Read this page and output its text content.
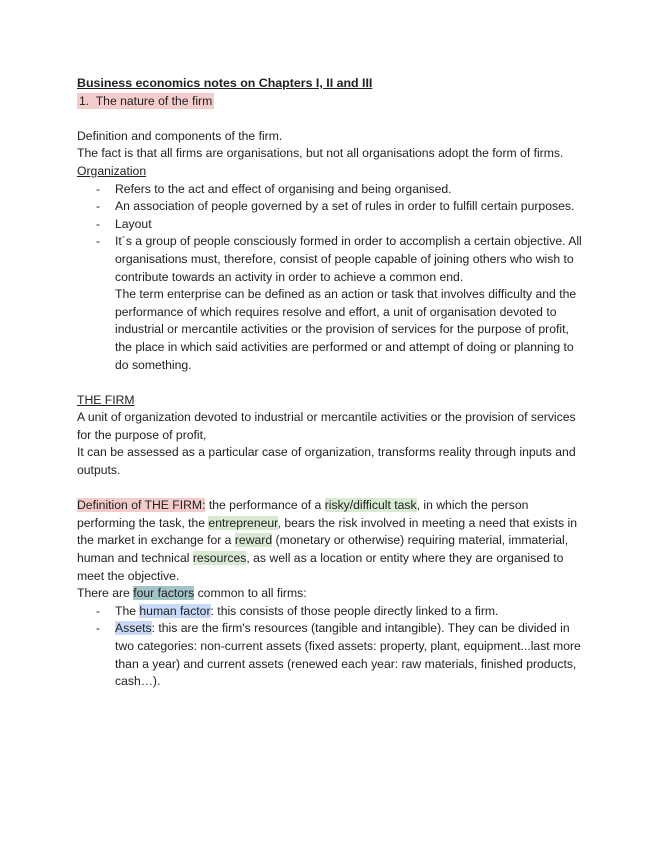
Business economics notes on Chapters I, II and III

1. The nature of the firm

Definition and components of the firm.

The fact is that all firms are organisations, but not all organisations adopt the form of firms.

Organization

- Refers to the act and effect of organising and being organised.
- An association of people governed by a set of rules in order to fulfill certain purposes.
- Layout
- It´s a group of people consciously formed in order to accomplish a certain objective. All organisations must, therefore, consist of people capable of joining others who wish to contribute towards an activity in order to achieve a common end.

The term enterprise can be defined as an action or task that involves difficulty and the performance of which requires resolve and effort, a unit of organisation devoted to industrial or mercantile activities or the provision of services for the purpose of profit, the place in which said activities are performed or and attempt of doing or planning to do something.

THE FIRM

A unit of organization devoted to industrial or mercantile activities or the provision of services for the purpose of profit,

It can be assessed as a particular case of organization, transforms reality through inputs and outputs.

Definition of THE FIRM: the performance of a risky/difficult task, in which the person performing the task, the entrepreneur, bears the risk involved in meeting a need that exists in the market in exchange for a reward (monetary or otherwise) requiring material, immaterial, human and technical resources, as well as a location or entity where they are organised to meet the objective.

There are four factors common to all firms:

- The human factor: this consists of those people directly linked to a firm.
- Assets: this are the firm's resources (tangible and intangible). They can be divided in two categories: non-current assets (fixed assets: property, plant, equipment...last more than a year) and current assets (renewed each year: raw materials, finished products, cash…).
